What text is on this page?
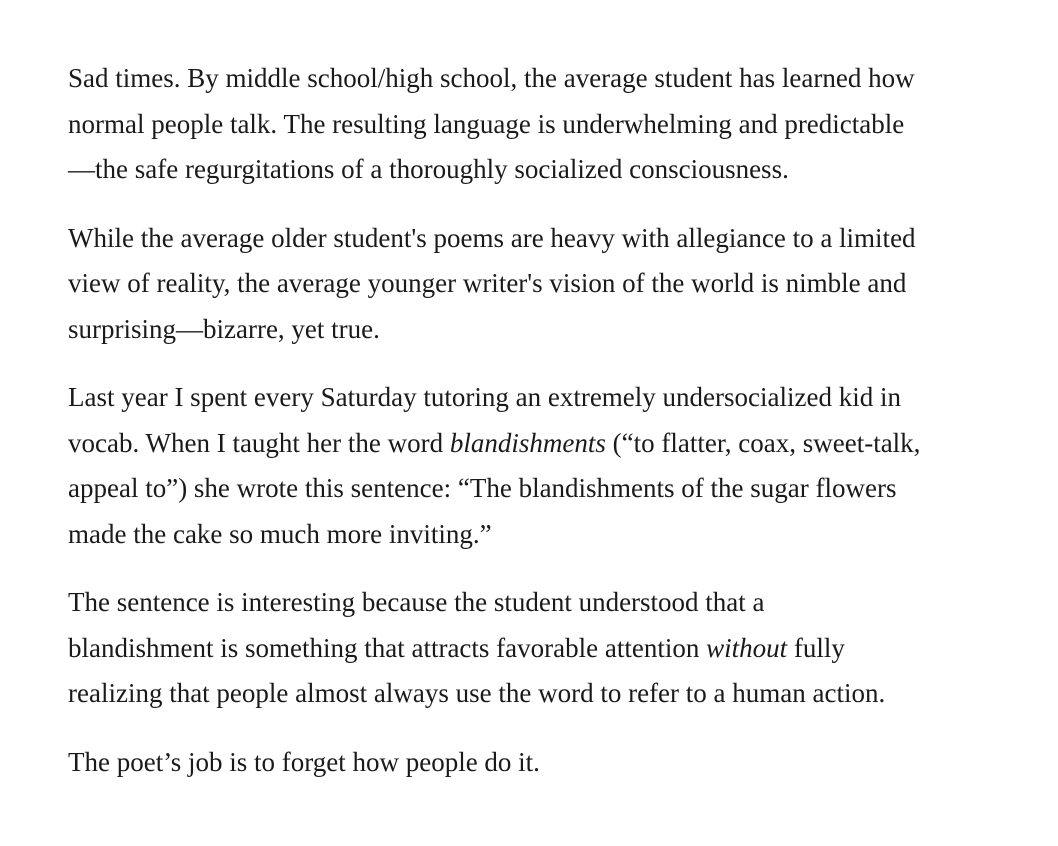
Sad times. By middle school/high school, the average student has learned how
normal people talk. The resulting language is underwhelming and predictable
—the safe regurgitations of a thoroughly socialized consciousness.

While the average older student's poems are heavy with allegiance to a limited
view of reality, the average younger writer's vision of the world is nimble and
surprising—bizarre, yet true.

Last year I spent every Saturday tutoring an extremely undersocialized kid in
vocab. When I taught her the word blandishments (“to flatter, coax, sweet-talk,
appeal to”) she wrote this sentence: “The blandishments of the sugar flowers
made the cake so much more inviting.”

The sentence is interesting because the student understood that a
blandishment is something that attracts favorable attention without fully
realizing that people almost always use the word to refer to a human action.

The poet’s job is to forget how people do it.
